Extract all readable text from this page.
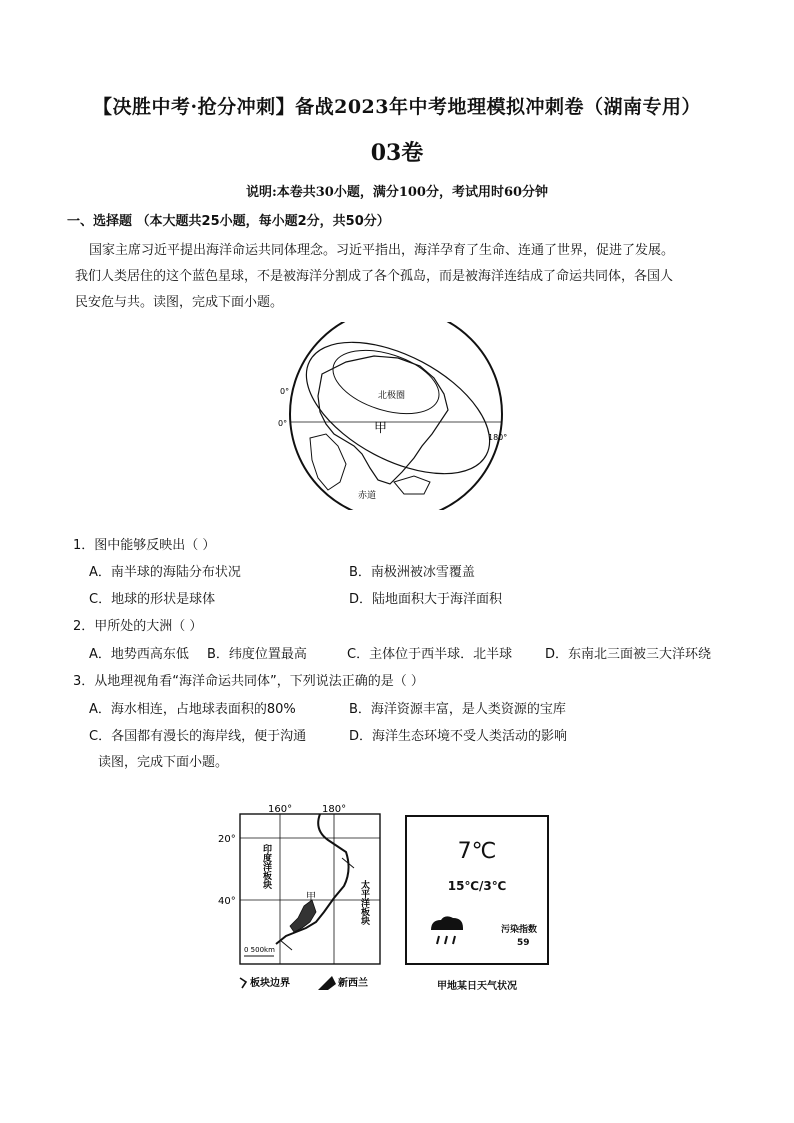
【决胜中考·抢分冲刺】备战2023年中考地理模拟冲刺卷（湖南专用）
03卷
说明:本卷共30小题，满分100分，考试用时60分钟
一、选择题 （本大题共25小题，每小题2分，共50分）
国家主席习近平提出海洋命运共同体理念。习近平指出，海洋孕育了生命、连通了世界，促进了发展。
我们人类居住的这个蓝色星球，不是被海洋分割成了各个孤岛，而是被海洋连结成了命运共同体，各国人
民安危与共。读图，完成下面小题。
北极圈
甲
180°
0°
0°
赤道
1．图中能够反映出（ ）
A．南半球的海陆分布状况	B．南极洲被冰雪覆盖
C．地球的形状是球体	D．陆地面积大于海洋面积
2．甲所处的大洲（ ）
A．地势西高东低 B．纬度位置最高	C．主体位于西半球．北半球	D．东南北三面被三大洋环绕
3．从地理视角看“海洋命运共同体”，下列说法正确的是（ ）
A．海水相连，占地球表面积的80%	B．海洋资源丰富，是人类资源的宝库
C．各国都有漫长的海岸线，便于沟通	D．海洋生态环境不受人类活动的影响
读图，完成下面小题。
160°	180°
20°
40°
印度洋板块
太平洋板块
甲
0 500km
板块边界	新西兰
7℃
15℃/3℃
污染指数
59
甲地某日天气状况
